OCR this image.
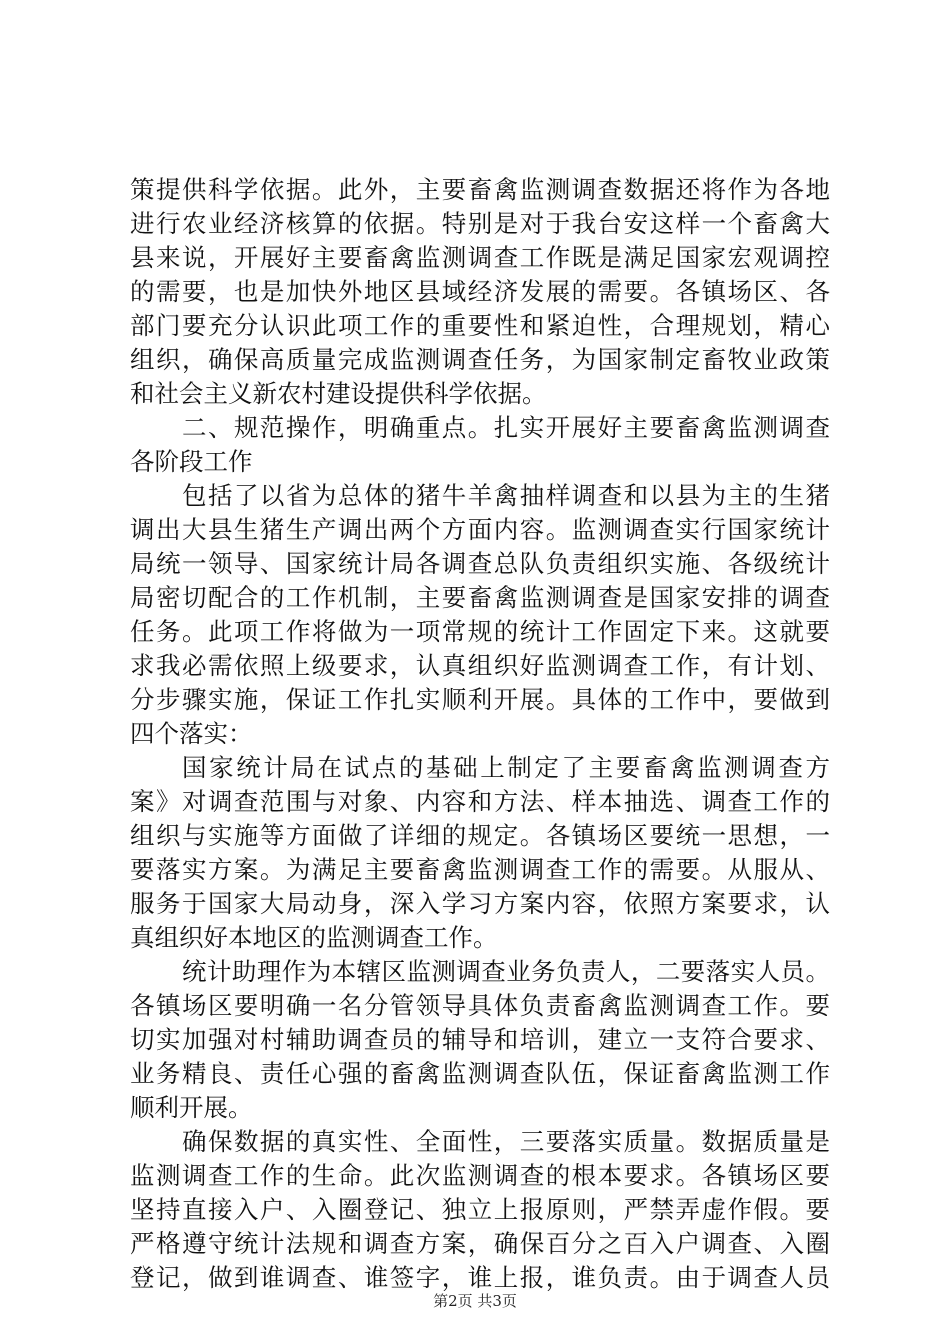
策提供科学依据。此外，主要畜禽监测调查数据还将作为各地
进行农业经济核算的依据。特别是对于我台安这样一个畜禽大
县来说，开展好主要畜禽监测调查工作既是满足国家宏观调控
的需要，也是加快外地区县域经济发展的需要。各镇场区、各
部门要充分认识此项工作的重要性和紧迫性，合理规划，精心
组织，确保高质量完成监测调查任务，为国家制定畜牧业政策
和社会主义新农村建设提供科学依据。
二、规范操作，明确重点。扎实开展好主要畜禽监测调查
各阶段工作
包括了以省为总体的猪牛羊禽抽样调查和以县为主的生猪
调出大县生猪生产调出两个方面内容。监测调查实行国家统计
局统一领导、国家统计局各调查总队负责组织实施、各级统计
局密切配合的工作机制，主要畜禽监测调查是国家安排的调查
任务。此项工作将做为一项常规的统计工作固定下来。这就要
求我必需依照上级要求，认真组织好监测调查工作，有计划、
分步骤实施，保证工作扎实顺利开展。具体的工作中，要做到
四个落实：
国家统计局在试点的基础上制定了主要畜禽监测调查方
案》对调查范围与对象、内容和方法、样本抽选、调查工作的
组织与实施等方面做了详细的规定。各镇场区要统一思想，一
要落实方案。为满足主要畜禽监测调查工作的需要。从服从、
服务于国家大局动身，深入学习方案内容，依照方案要求，认
真组织好本地区的监测调查工作。
统计助理作为本辖区监测调查业务负责人，二要落实人员。
各镇场区要明确一名分管领导具体负责畜禽监测调查工作。要
切实加强对村辅助调查员的辅导和培训，建立一支符合要求、
业务精良、责任心强的畜禽监测调查队伍，保证畜禽监测工作
顺利开展。
确保数据的真实性、全面性，三要落实质量。数据质量是
监测调查工作的生命。此次监测调查的根本要求。各镇场区要
坚持直接入户、入圈登记、独立上报原则，严禁弄虚作假。要
严格遵守统计法规和调查方案，确保百分之百入户调查、入圈
登记，做到谁调查、谁签字，谁上报，谁负责。由于调查人员
第2页 共3页
